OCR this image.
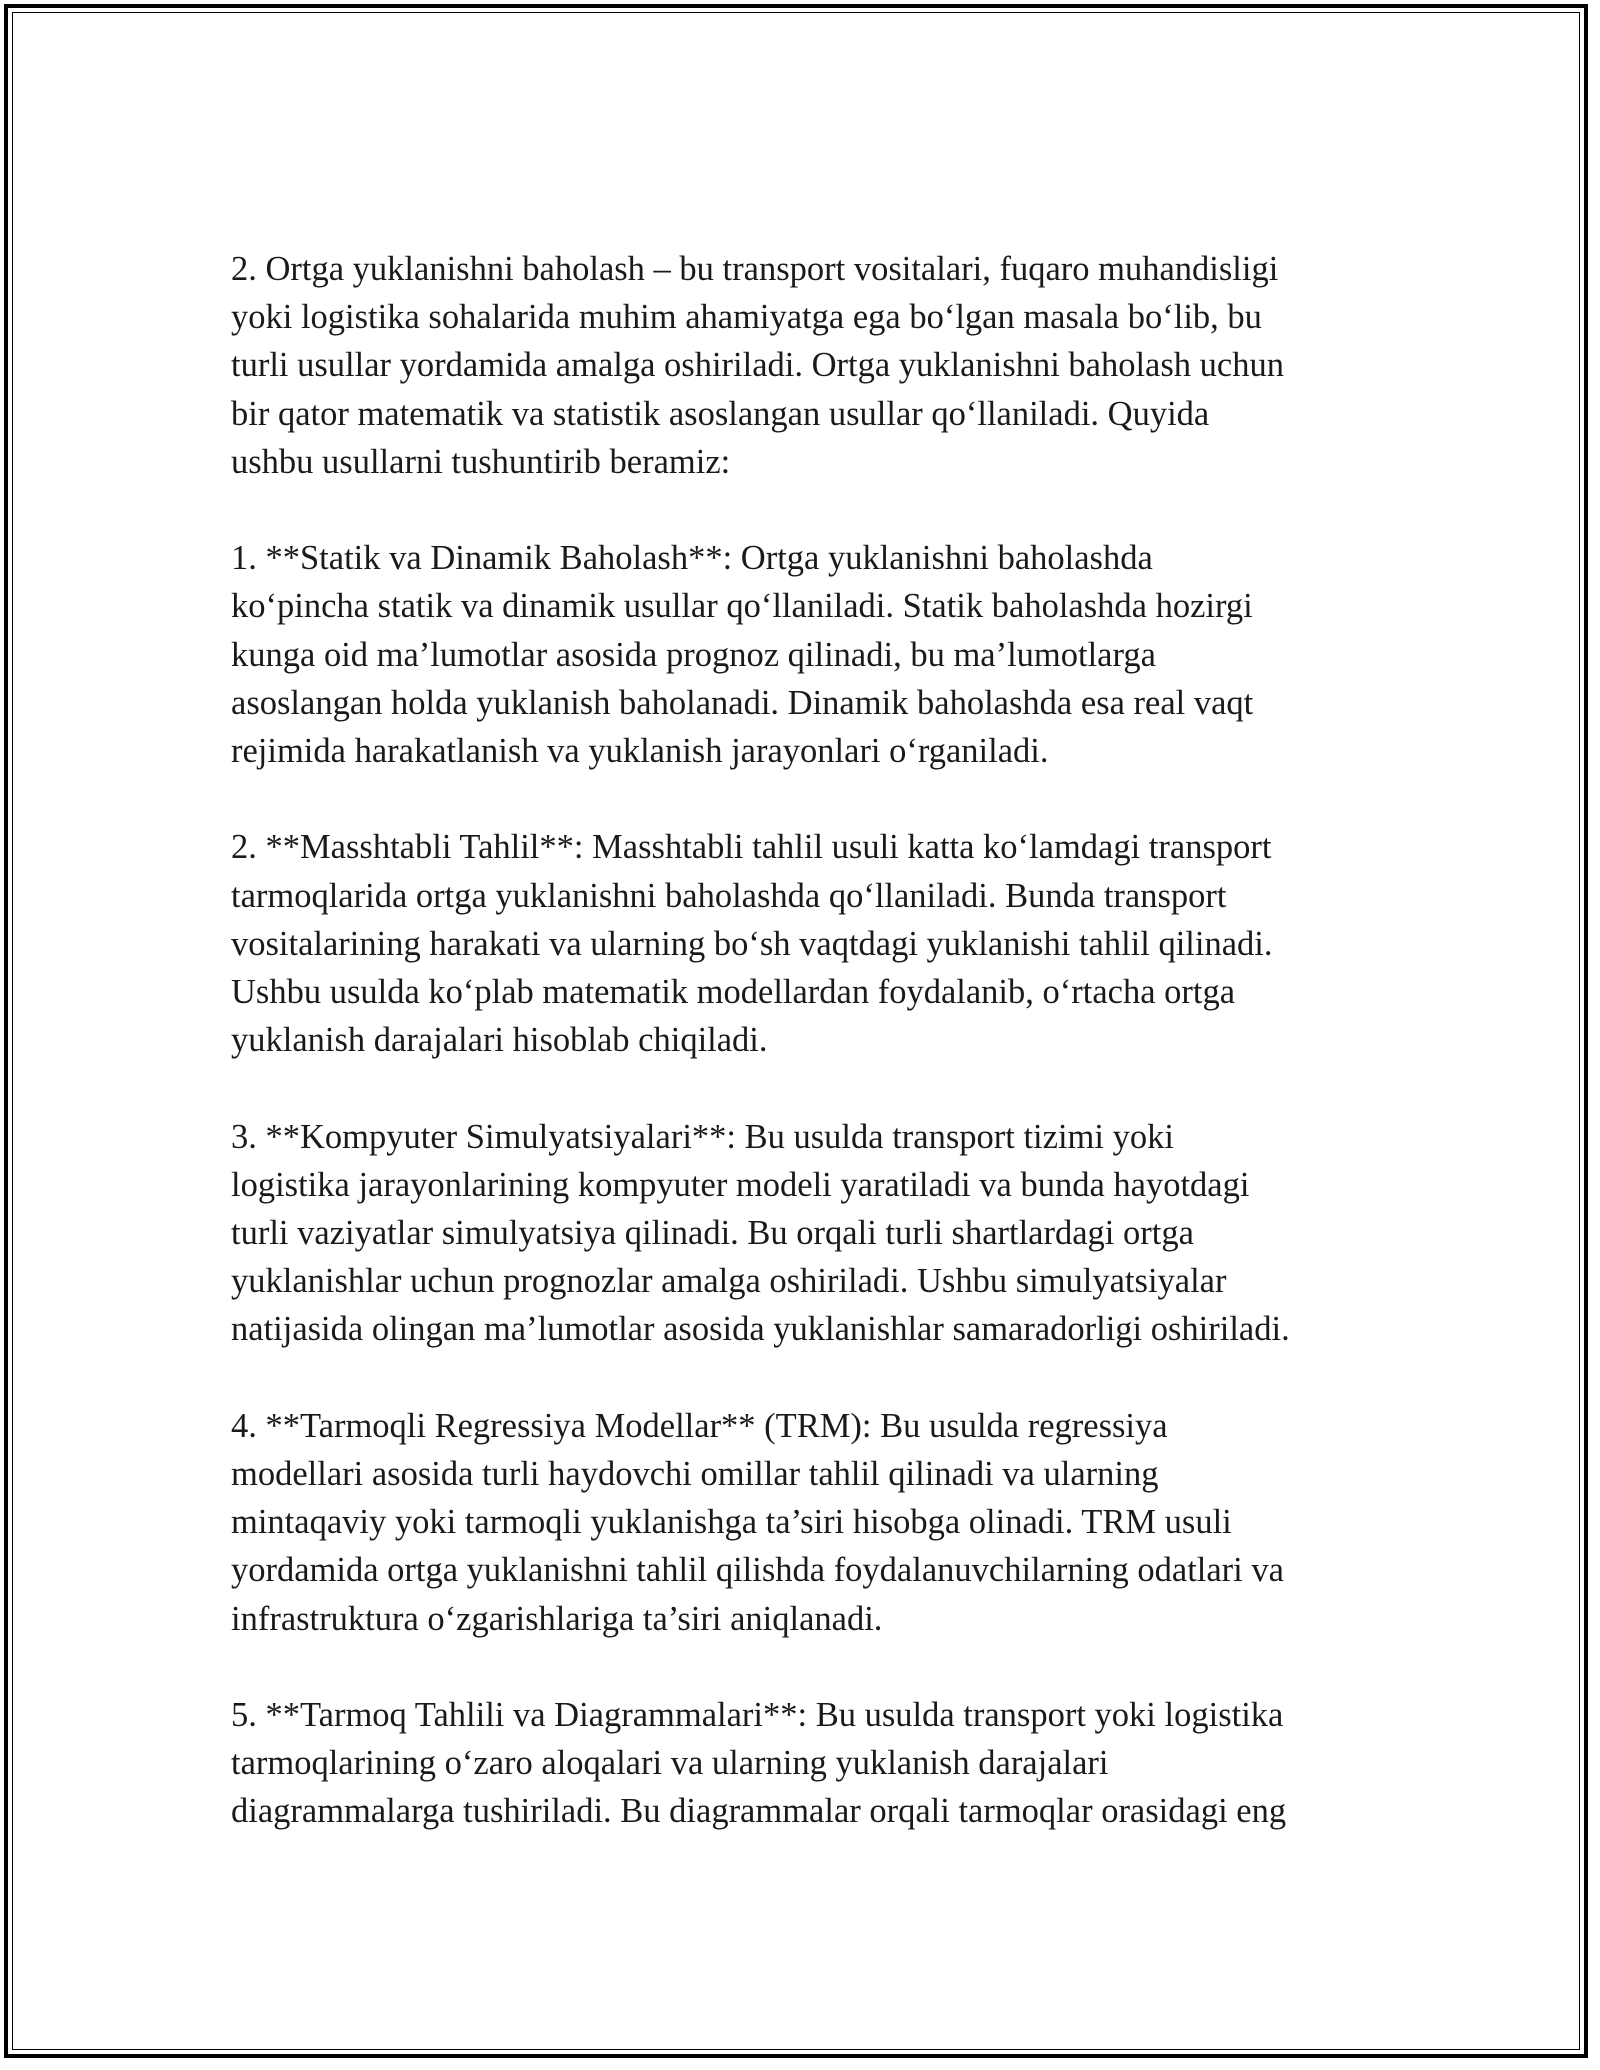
2. Ortga yuklanishni baholash – bu transport vositalari, fuqaro muhandisligi
yoki logistika sohalarida muhim ahamiyatga ega bo‘lgan masala bo‘lib, bu
turli usullar yordamida amalga oshiriladi. Ortga yuklanishni baholash uchun
bir qator matematik va statistik asoslangan usullar qo‘llaniladi. Quyida
ushbu usullarni tushuntirib beramiz:

1. **Statik va Dinamik Baholash**: Ortga yuklanishni baholashda
ko‘pincha statik va dinamik usullar qo‘llaniladi. Statik baholashda hozirgi
kunga oid ma’lumotlar asosida prognoz qilinadi, bu ma’lumotlarga
asoslangan holda yuklanish baholanadi. Dinamik baholashda esa real vaqt
rejimida harakatlanish va yuklanish jarayonlari o‘rganiladi.

2. **Masshtabli Tahlil**: Masshtabli tahlil usuli katta ko‘lamdagi transport
tarmoqlarida ortga yuklanishni baholashda qo‘llaniladi. Bunda transport
vositalarining harakati va ularning bo‘sh vaqtdagi yuklanishi tahlil qilinadi.
Ushbu usulda ko‘plab matematik modellardan foydalanib, o‘rtacha ortga
yuklanish darajalari hisoblab chiqiladi.

3. **Kompyuter Simulyatsiyalari**: Bu usulda transport tizimi yoki
logistika jarayonlarining kompyuter modeli yaratiladi va bunda hayotdagi
turli vaziyatlar simulyatsiya qilinadi. Bu orqali turli shartlardagi ortga
yuklanishlar uchun prognozlar amalga oshiriladi. Ushbu simulyatsiyalar
natijasida olingan ma’lumotlar asosida yuklanishlar samaradorligi oshiriladi.

4. **Tarmoqli Regressiya Modellar** (TRM): Bu usulda regressiya
modellari asosida turli haydovchi omillar tahlil qilinadi va ularning
mintaqaviy yoki tarmoqli yuklanishga ta’siri hisobga olinadi. TRM usuli
yordamida ortga yuklanishni tahlil qilishda foydalanuvchilarning odatlari va
infrastruktura o‘zgarishlariga ta’siri aniqlanadi.

5. **Tarmoq Tahlili va Diagrammalari**: Bu usulda transport yoki logistika
tarmoqlarining o‘zaro aloqalari va ularning yuklanish darajalari
diagrammalarga tushiriladi. Bu diagrammalar orqali tarmoqlar orasidagi eng
